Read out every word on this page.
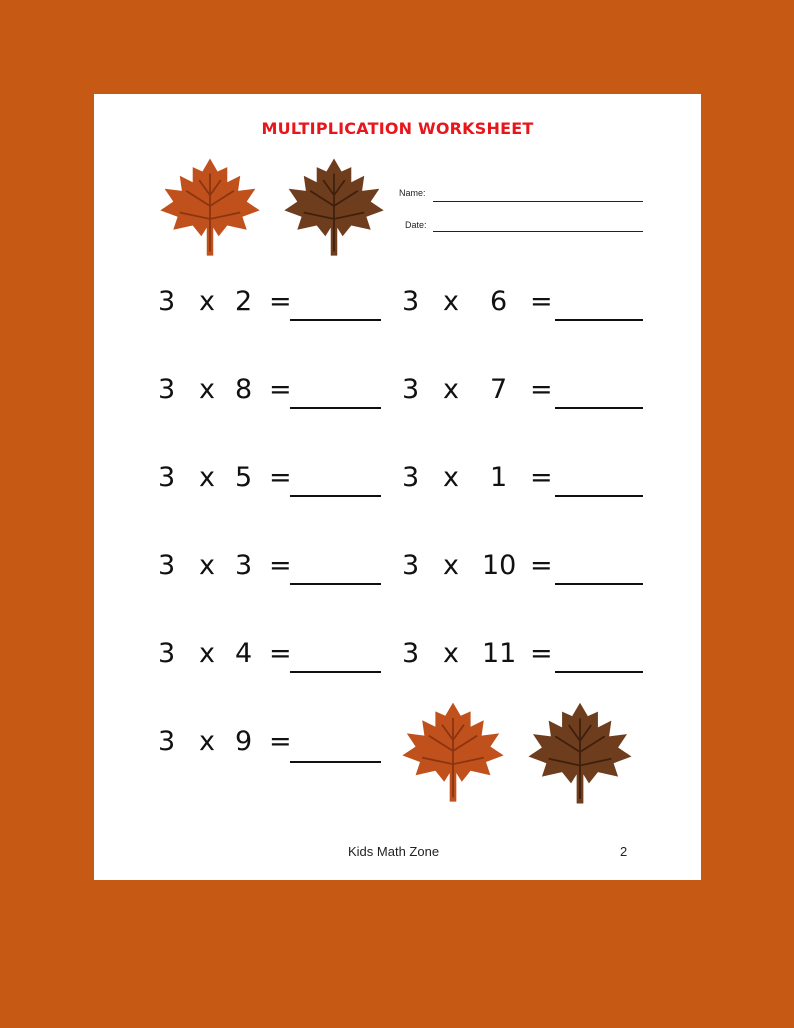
MULTIPLICATION WORKSHEET
Name:
Date:
3 x 2 =	3 x 6 =
3 x 8 =	3 x 7 =
3 x 5 =	3 x 1 =
3 x 3 =	3 x 10 =
3 x 4 =	3 x 11 =
3 x 9 =
Kids Math Zone	2
